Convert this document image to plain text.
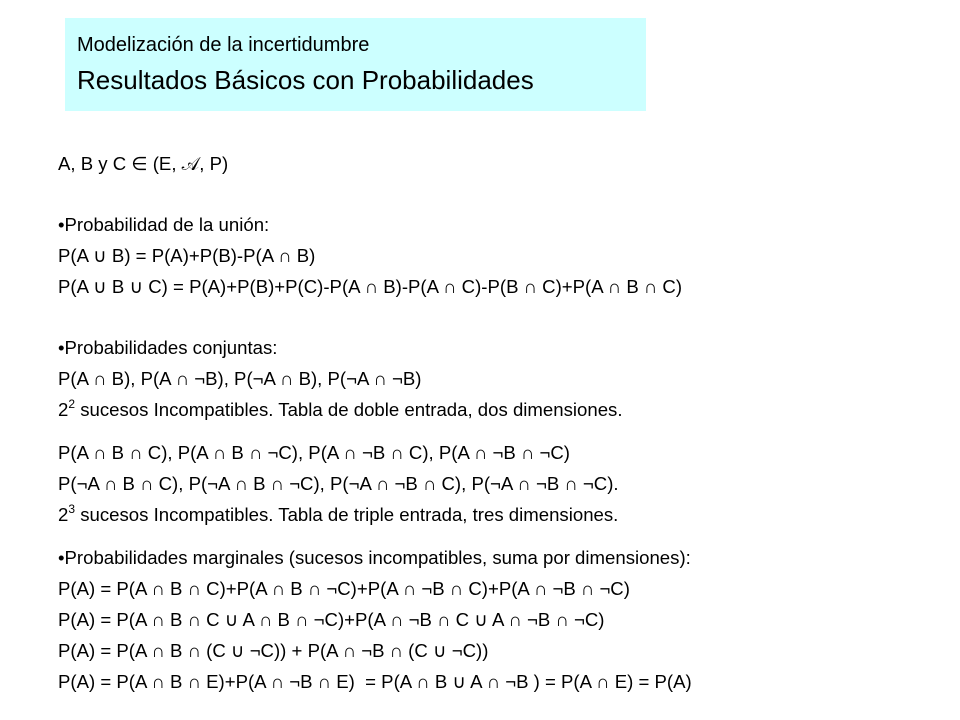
Modelización de la incertidumbre
Resultados Básicos con Probabilidades
A, B y C ∈ (E, 𝒜, P)
•Probabilidad de la unión:
P(A ∪ B) = P(A)+P(B)-P(A ∩ B)
P(A ∪ B ∪ C) = P(A)+P(B)+P(C)-P(A ∩ B)-P(A ∩ C)-P(B ∩ C)+P(A ∩ B ∩ C)
•Probabilidades conjuntas:
P(A ∩ B), P(A ∩ ¬B), P(¬A ∩ B), P(¬A ∩ ¬B)
$2^2$ sucesos Incompatibles. Tabla de doble entrada, dos dimensiones.
P(A ∩ B ∩ C), P(A ∩ B ∩ ¬C), P(A ∩ ¬B ∩ C), P(A ∩ ¬B ∩ ¬C)
P(¬A ∩ B ∩ C), P(¬A ∩ B ∩ ¬C), P(¬A ∩ ¬B ∩ C), P(¬A ∩ ¬B ∩ ¬C).
$2^3$ sucesos Incompatibles. Tabla de triple entrada, tres dimensiones.
•Probabilidades marginales (sucesos incompatibles, suma por dimensiones):
P(A) = P(A ∩ B ∩ C)+P(A ∩ B ∩ ¬C)+P(A ∩ ¬B ∩ C)+P(A ∩ ¬B ∩ ¬C)
P(A) = P(A ∩ B ∩ C ∪ A ∩ B ∩ ¬C)+P(A ∩ ¬B ∩ C ∪ A ∩ ¬B ∩ ¬C)
P(A) = P(A ∩ B ∩ (C ∪ ¬C)) + P(A ∩ ¬B ∩ (C ∪ ¬C))
P(A) = P(A ∩ B ∩ E)+P(A ∩ ¬B ∩ E)  = P(A ∩ B ∪ A ∩ ¬B ) = P(A ∩ E) = P(A)
